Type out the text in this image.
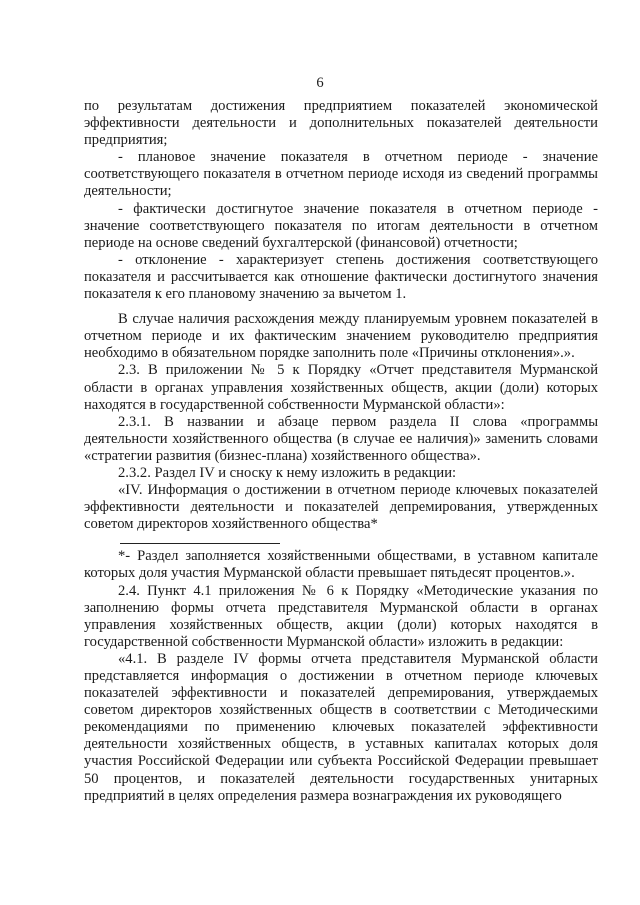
6

по результатам достижения предприятием показателей экономической эффективности деятельности и дополнительных показателей деятельности предприятия;

- плановое значение показателя в отчетном периоде - значение соответствующего показателя в отчетном периоде исходя из сведений программы деятельности;

- фактически достигнутое значение показателя в отчетном периоде - значение соответствующего показателя по итогам деятельности в отчетном периоде на основе сведений бухгалтерской (финансовой) отчетности;

- отклонение - характеризует степень достижения соответствующего показателя и рассчитывается как отношение фактически достигнутого значения показателя к его плановому значению за вычетом 1.

В случае наличия расхождения между планируемым уровнем показателей в отчетном периоде и их фактическим значением руководителю предприятия необходимо в обязательном порядке заполнить поле «Причины отклонения».».

2.3. В приложении № 5 к Порядку «Отчет представителя Мурманской области в органах управления хозяйственных обществ, акции (доли) которых находятся в государственной собственности Мурманской области»:

2.3.1. В названии и абзаце первом раздела II слова «программы деятельности хозяйственного общества (в случае ее наличия)» заменить словами «стратегии развития (бизнес-плана) хозяйственного общества».

2.3.2. Раздел IV и сноску к нему изложить в редакции:

«IV. Информация о достижении в отчетном периоде ключевых показателей эффективности деятельности и показателей депремирования, утвержденных советом директоров хозяйственного общества*

*- Раздел заполняется хозяйственными обществами, в уставном капитале которых доля участия Мурманской области превышает пятьдесят процентов.».

2.4. Пункт 4.1 приложения № 6 к Порядку «Методические указания по заполнению формы отчета представителя Мурманской области в органах управления хозяйственных обществ, акции (доли) которых находятся в государственной собственности Мурманской области» изложить в редакции:

«4.1. В разделе IV формы отчета представителя Мурманской области представляется информация о достижении в отчетном периоде ключевых показателей эффективности и показателей депремирования, утверждаемых советом директоров хозяйственных обществ в соответствии с Методическими рекомендациями по применению ключевых показателей эффективности деятельности хозяйственных обществ, в уставных капиталах которых доля участия Российской Федерации или субъекта Российской Федерации превышает 50 процентов, и показателей деятельности государственных унитарных предприятий в целях определения размера вознаграждения их руководящего
